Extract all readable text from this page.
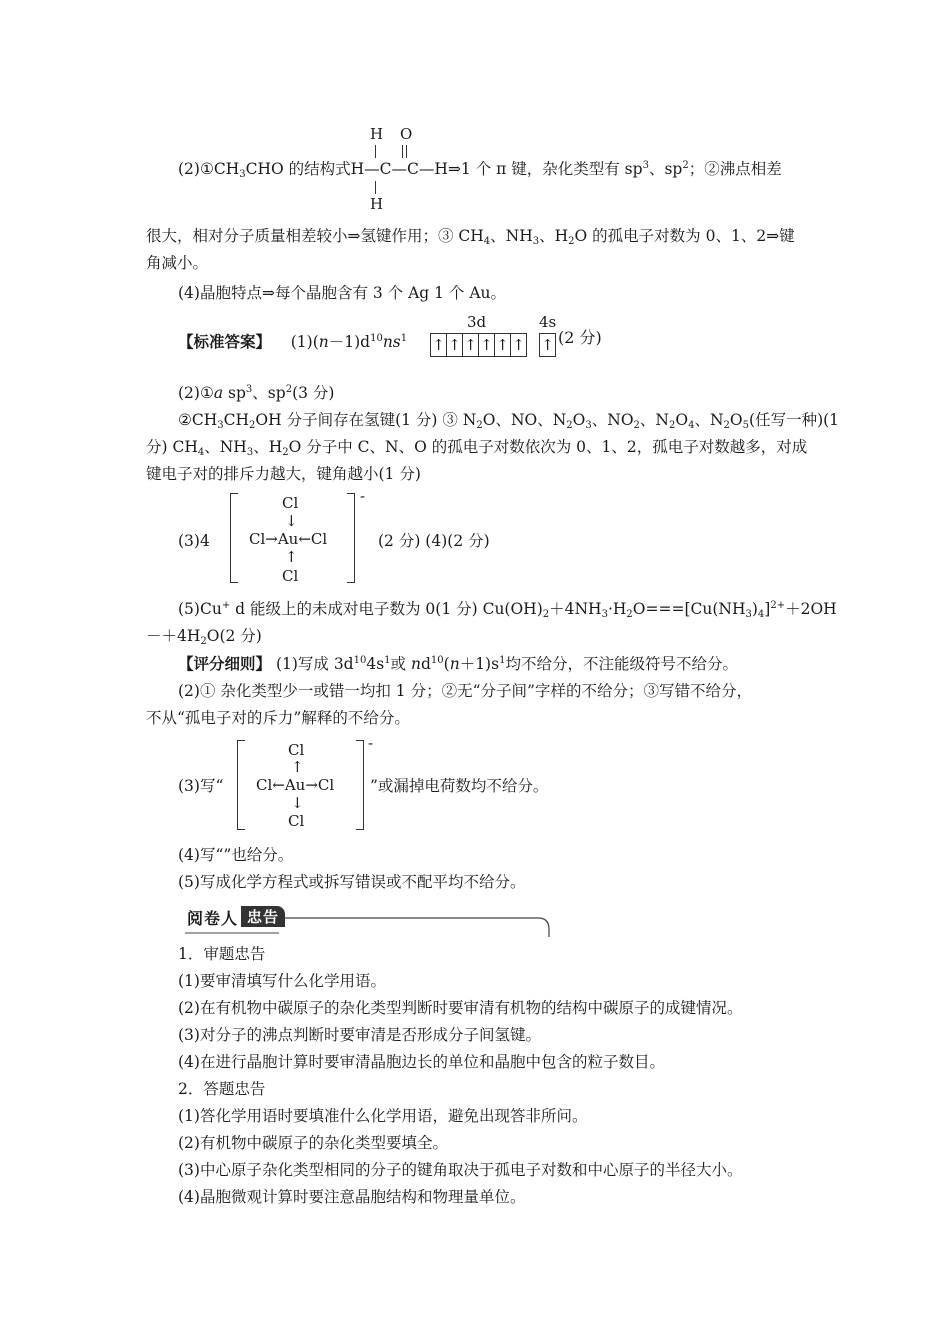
H O
H
$(2)①CH_3CHO$ 的结构式H—C—C—H⇒1 个 π 键，杂化类型有 $sp^3$、$sp^2$；②沸点相差
很大，相对分子质量相差较小⇒氢键作用；③ $CH_4$、$NH_3$、$H_2O$ 的孤电子对数为 0、1、2⇒键
角减小。
(4)晶胞特点⇒每个晶胞含有 3 个 Ag 1 个 Au。
【标准答案】 $(1)(n-1)d^{10}ns^1$
3d
↑ ↑ ↑ ↑ ↑ ↑
4s
↑ (2 分)
(2)①a $sp^3$、$sp^2(3$ 分)
$②CH_3CH_2OH$ 分子间存在氢键(1 分) ③ $N_2O$、NO、$N_2O_3$、$NO_2$、$N_2O_4$、$N_2O_5$(任写一种)(1
分) $CH_4$、$NH_3$、$H_2O$ 分子中 C、N、O 的孤电子对数依次为 0、1、2，孤电子对数越多，对成
键电子对的排斥力越大，键角越小(1 分)
(3)4
-
Cl
↓
Cl→Au←Cl
↑
Cl
(2 分) (4)(2 分)
(5)Cu+ d 能级上的未成对电子数为 0(1 分) $Cu(OH)_2+4NH_3\cdot H_2O===[Cu(NH_3)_4]^{2+}+2OH$
$-+4H_2O(2$ 分)
【评分细则】 (1)写成 $3d^{10}4s^1$或 $nd^{10}(n+1)s^1$均不给分，不注能级符号不给分。
(2)① 杂化类型少一或错一均扣 1 分；②无“分子间”字样的不给分；③写错不给分，
不从“孤电子对的斥力”解释的不给分。
(3)写“
-
Cl
↑
Cl←Au→Cl
↓
Cl
”或漏掉电荷数均不给分。
(4)写“”也给分。
(5)写成化学方程式或拆写错误或不配平均不给分。
阅卷人 忠告
1．审题忠告
(1)要审清填写什么化学用语。
(2)在有机物中碳原子的杂化类型判断时要审清有机物的结构中碳原子的成键情况。
(3)对分子的沸点判断时要审清是否形成分子间氢键。
(4)在进行晶胞计算时要审清晶胞边长的单位和晶胞中包含的粒子数目。
2．答题忠告
(1)答化学用语时要填准什么化学用语，避免出现答非所问。
(2)有机物中碳原子的杂化类型要填全。
(3)中心原子杂化类型相同的分子的键角取决于孤电子对数和中心原子的半径大小。
(4)晶胞微观计算时要注意晶胞结构和物理量单位。
